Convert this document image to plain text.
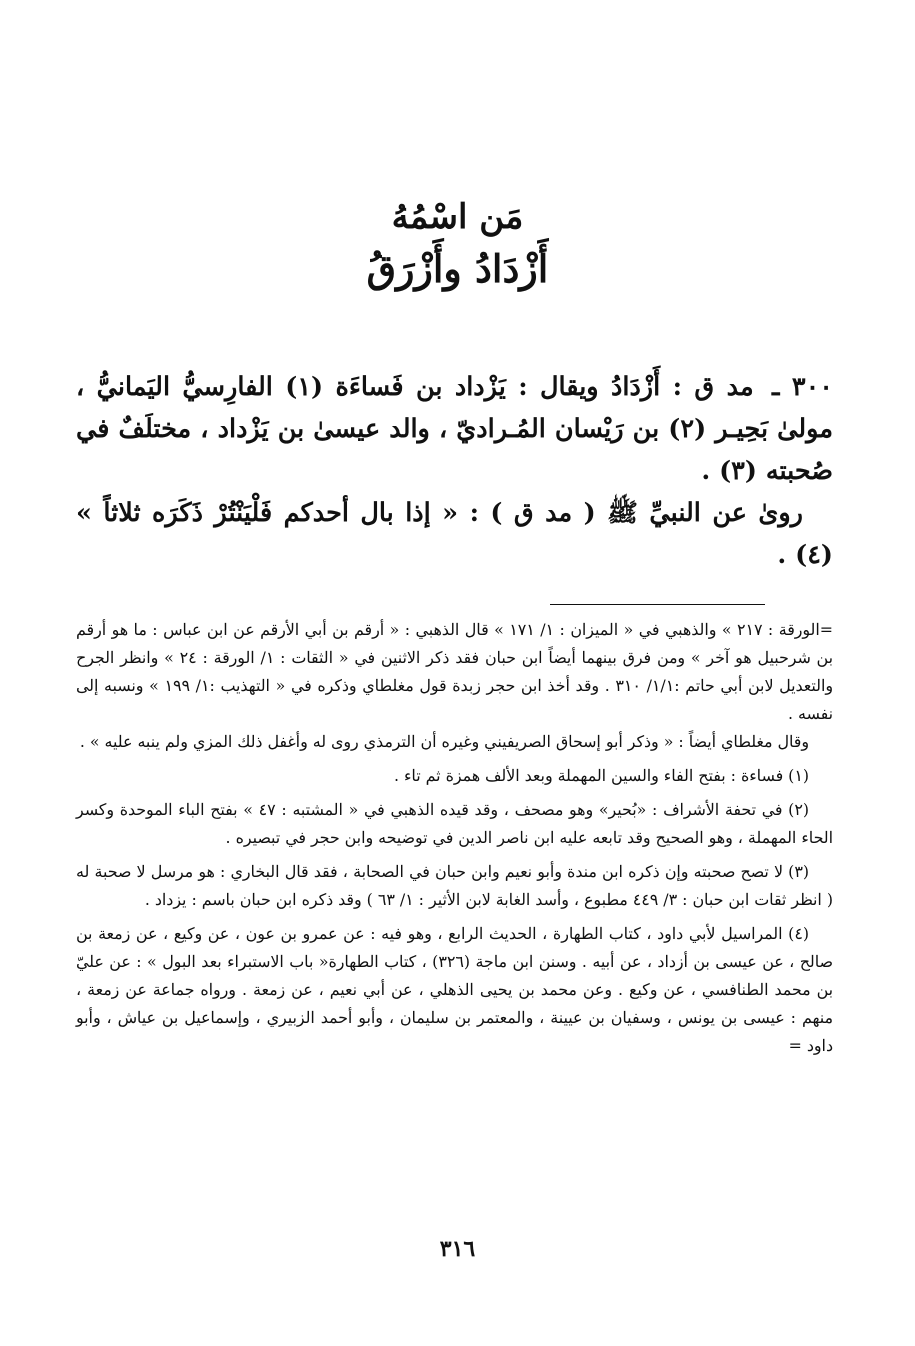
مَن اسْمُهُ
أَزْدَادُ وأَزْرَقُ

٣٠٠ ـ مد ق : أَزْدَادُ ويقال : يَزْداد بن فَساءَة (١) الفارِسيُّ اليَمانيُّ ، مولىٰ بَحِيـر (٢) بن رَيْسان المُـراديّ ، والد عيسىٰ بن يَزْداد ، مختلَفٌ في صُحبته (٣) .

روىٰ عن النبيِّ ﷺ ( مد ق ) : « إذا بال أحدكم فَلْيَنْتُرْ ذَكَرَه ثلاثاً » (٤) .

=الورقة : ٢١٧ » والذهبي في « الميزان : ١/ ١٧١ » قال الذهبي : « أرقم بن أبي الأرقم عن ابن عباس : ما هو أرقم بن شرحبيل هو آخر » ومن فرق بينهما أيضاً ابن حبان فقد ذكر الاثنين في « الثقات : ١/ الورقة : ٢٤ » وانظر الجرح والتعديل لابن أبي حاتم :١/١/ ٣١٠ . وقد أخذ ابن حجر زبدة قول مغلطاي وذكره في « التهذيب :١/ ١٩٩ » ونسبه إلى نفسه .

وقال مغلطاي أيضاً : « وذكر أبو إسحاق الصريفيني وغيره أن الترمذي روى له وأغفل ذلك المزي ولم ينبه عليه » .

(١) فساءة : بفتح الفاء والسين المهملة وبعد الألف همزة ثم تاء .

(٢) في تحفة الأشراف : «بُحير» وهو مصحف ، وقد قيده الذهبي في « المشتبه : ٤٧ » بفتح الباء الموحدة وكسر الحاء المهملة ، وهو الصحيح وقد تابعه عليه ابن ناصر الدين في توضيحه وابن حجر في تبصيره .

(٣) لا تصح صحبته وإن ذكره ابن مندة وأبو نعيم وابن حبان في الصحابة ، فقد قال البخاري : هو مرسل لا صحبة له ( انظر ثقات ابن حبان : ٣/ ٤٤٩ مطبوع ، وأسد الغابة لابن الأثير : ١/ ٦٣ ) وقد ذكره ابن حبان باسم : يزداد .

(٤) المراسيل لأبي داود ، كتاب الطهارة ، الحديث الرابع ، وهو فيه : عن عمرو بن عون ، عن وكيع ، عن زمعة بن صالح ، عن عيسى بن أزداد ، عن أبيه . وسنن ابن ماجة (٣٢٦) ، كتاب الطهارة« باب الاستبراء بعد البول » : عن عليّ بن محمد الطنافسي ، عن وكيع . وعن محمد بن يحيى الذهلي ، عن أبي نعيم ، عن زمعة . ورواه جماعة عن زمعة ، منهم : عيسى بن يونس ، وسفيان بن عيينة ، والمعتمر بن سليمان ، وأبو أحمد الزبيري ، وإسماعيل بن عياش ، وأبو داود =

٣١٦
